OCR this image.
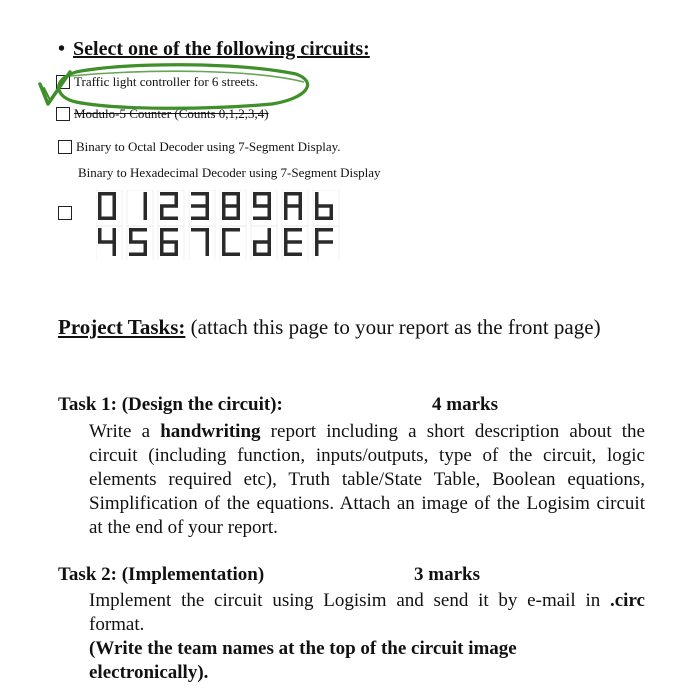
• Select one of the following circuits:
Traffic light controller for 6 streets.
Modulo-5 Counter (Counts 0,1,2,3,4)
Binary to Octal Decoder using 7-Segment Display.
Binary to Hexadecimal Decoder using 7-Segment Display
Project Tasks: (attach this page to your report as the front page)
Task 1: (Design the circuit):	4 marks
Write a handwriting report including a short description about the circuit (including function, inputs/outputs, type of the circuit, logic elements required etc), Truth table/State Table, Boolean equations, Simplification of the equations. Attach an image of the Logisim circuit at the end of your report.
Task 2: (Implementation)	3 marks
Implement the circuit using Logisim and send it by e-mail in .circ format.
(Write the team names at the top of the circuit image electronically).
